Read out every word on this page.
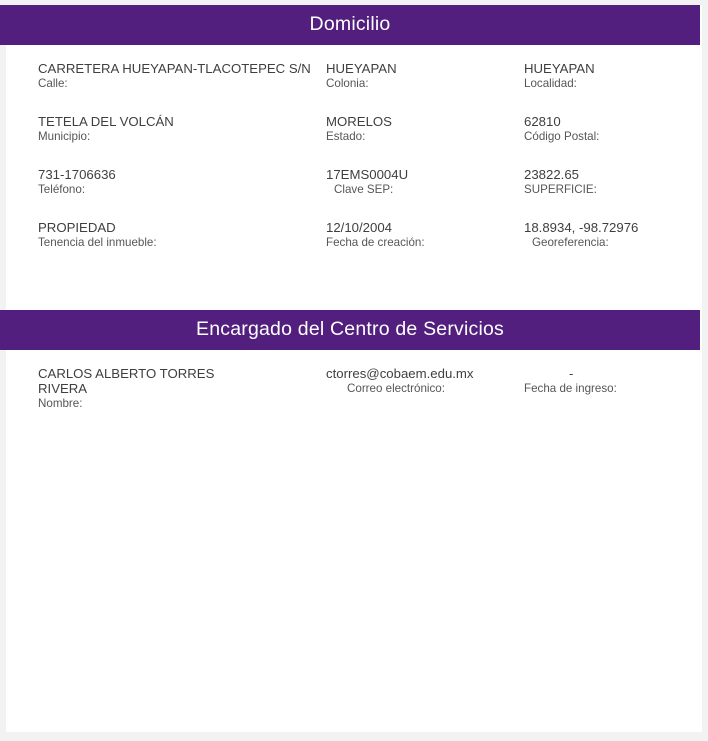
Domicilio
CARRETERA HUEYAPAN-TLACOTEPEC S/N
Calle:
HUEYAPAN
Colonia:
HUEYAPAN
Localidad:
TETELA DEL VOLCÁN
Municipio:
MORELOS
Estado:
62810
Código Postal:
731-1706636
Teléfono:
17EMS0004U
Clave SEP:
23822.65
SUPERFICIE:
PROPIEDAD
Tenencia del inmueble:
12/10/2004
Fecha de creación:
18.8934, -98.72976
Georeferencia:
Encargado del Centro de Servicios
CARLOS ALBERTO TORRES RIVERA
Nombre:
ctorres@cobaem.edu.mx
Correo electrónico:
-
Fecha de ingreso:
